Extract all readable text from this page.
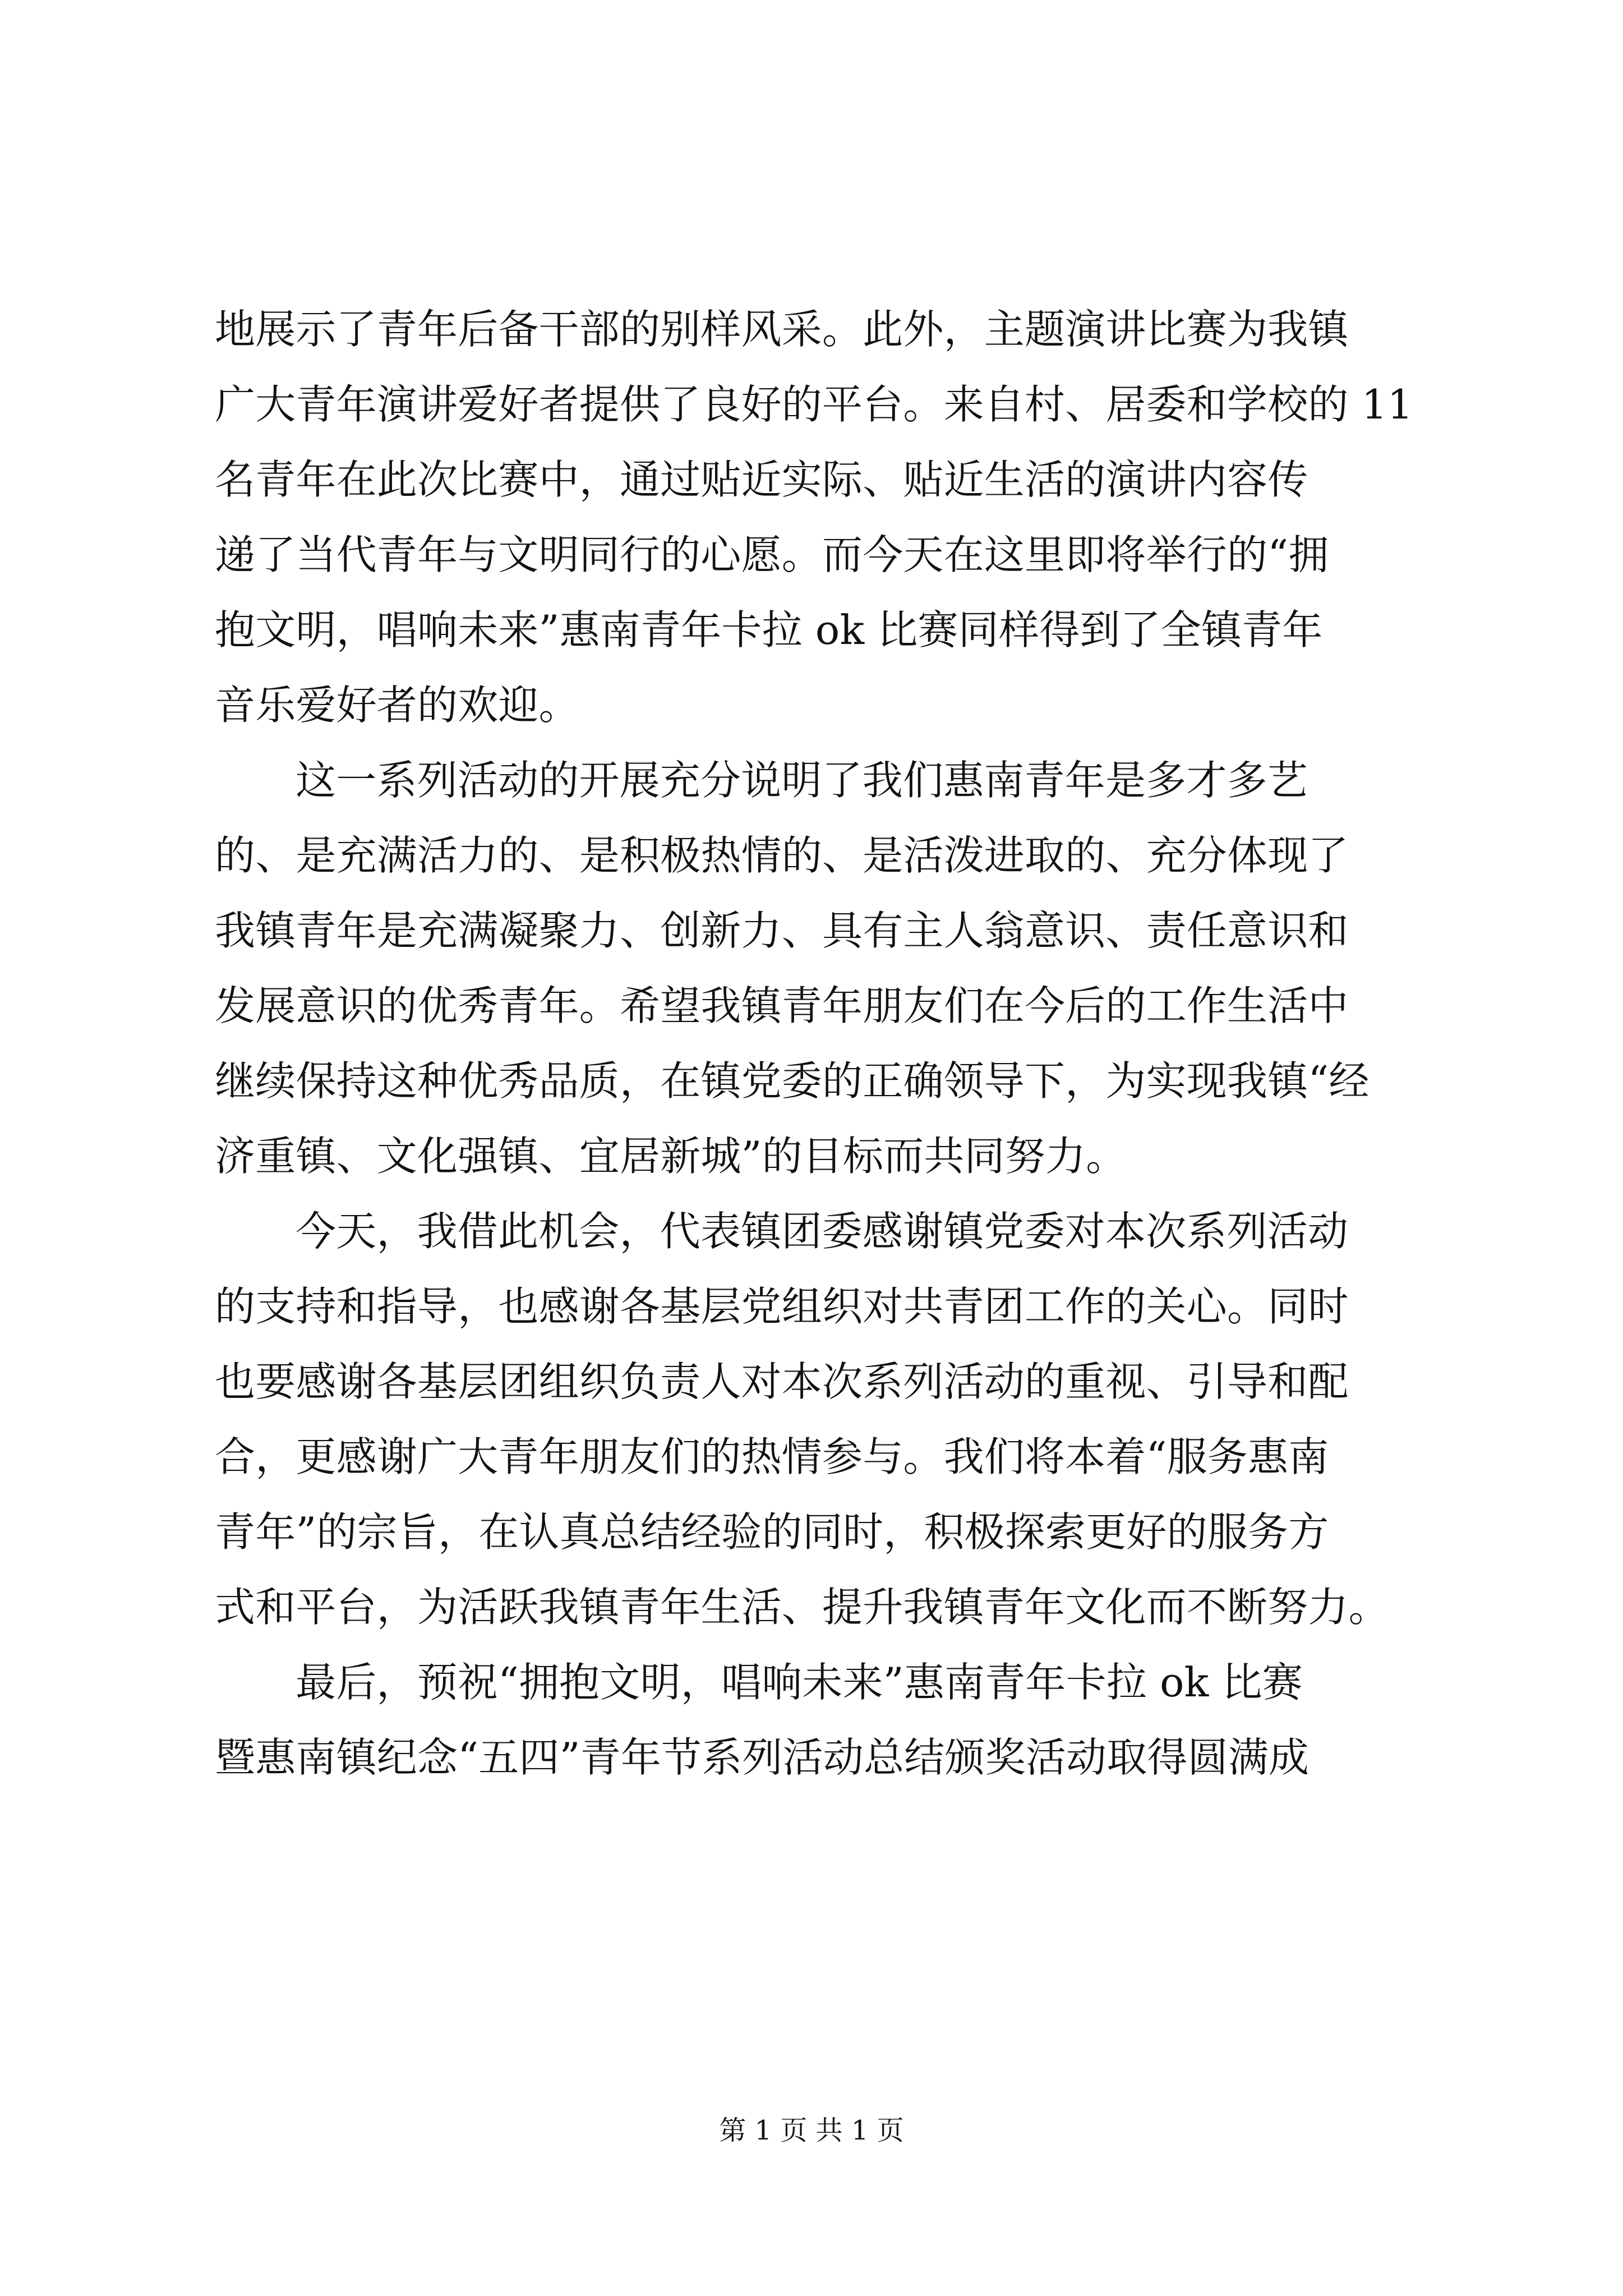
地展示了青年后备干部的别样风采。此外，主题演讲比赛为我镇
广大青年演讲爱好者提供了良好的平台。来自村、居委和学校的 11
名青年在此次比赛中，通过贴近实际、贴近生活的演讲内容传
递了当代青年与文明同行的心愿。而今天在这里即将举行的“拥
抱文明，唱响未来”惠南青年卡拉 ok 比赛同样得到了全镇青年
音乐爱好者的欢迎。
这一系列活动的开展充分说明了我们惠南青年是多才多艺
的、是充满活力的、是积极热情的、是活泼进取的、充分体现了
我镇青年是充满凝聚力、创新力、具有主人翁意识、责任意识和
发展意识的优秀青年。希望我镇青年朋友们在今后的工作生活中
继续保持这种优秀品质，在镇党委的正确领导下，为实现我镇“经
济重镇、文化强镇、宜居新城”的目标而共同努力。
今天，我借此机会，代表镇团委感谢镇党委对本次系列活动
的支持和指导，也感谢各基层党组织对共青团工作的关心。同时
也要感谢各基层团组织负责人对本次系列活动的重视、引导和配
合，更感谢广大青年朋友们的热情参与。我们将本着“服务惠南
青年”的宗旨，在认真总结经验的同时，积极探索更好的服务方
式和平台，为活跃我镇青年生活、提升我镇青年文化而不断努力。
最后，预祝“拥抱文明，唱响未来”惠南青年卡拉 ok 比赛
暨惠南镇纪念“五四”青年节系列活动总结颁奖活动取得圆满成
第 1 页 共 1 页
